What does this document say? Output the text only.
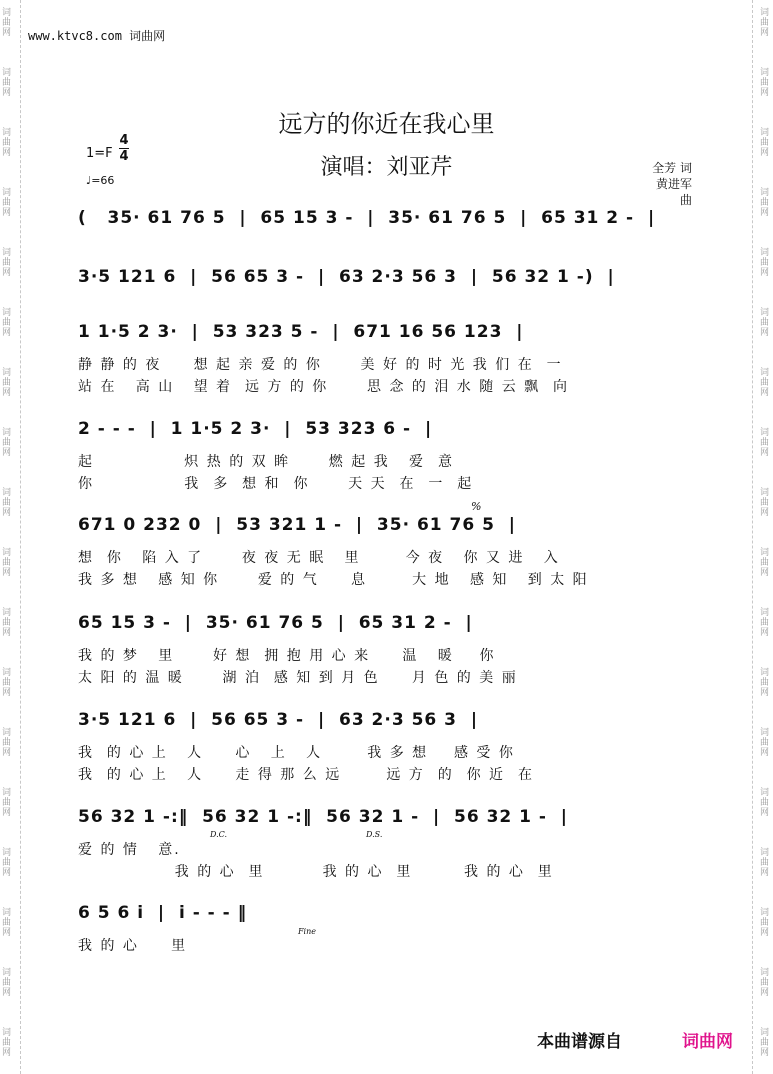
词
曲
网
词
曲
网
词
曲
网
词
曲
网
词
曲
网
词
曲
网
词
曲
网
词
曲
网
词
曲
网
词
曲
网
词
曲
网
词
曲
网
词
曲
网
词
曲
网
词
曲
网
词
曲
网
词
曲
网
词
曲
网
词
曲
网
词
曲
网
词
曲
网
词
曲
网
词
曲
网
词
曲
网
词
曲
网
词
曲
网
词
曲
网
词
曲
网
词
曲
网
词
曲
网
词
曲
网
词
曲
网
词
曲
网
词
曲
网
词
曲
网
词
曲
网
www.ktvc8.com 词曲网
远方的你近在我心里
演唱：刘亚芹
1=F
4
4
♩=66
全芳 词
黄进军 曲
(   35· 61 76 5  |  65 15 3 -  |  35· 61 76 5  |  65 31 2 -  |
3·5 121 6  |  56 65 3 -  |  63 2·3 56 3  |  56 32 1 -)  |
1 1·5 2 3·  |  53 323 5 -  |  671 16 56 123  |
静 静 的 夜     想 起 亲 爱 的 你      美 好 的 时 光 我 们 在  一
站 在   高 山   望 着  远 方 的 你      思 念 的 泪 水 随 云 飘  向
2 - - -  |  1 1·5 2 3·  |  53 323 6 -  |
起              炽 热 的 双 眸      燃 起 我   爱  意
你              我  多  想 和  你      天 天  在  一  起
671 0 232 0  |  53 321 1 -  |  35· 61 76 5  |
想  你   陷 入 了      夜 夜 无 眠   里       今 夜   你 又 进   入
我 多 想   感 知 你      爱 的 气     息       大 地   感 知   到 太 阳
65 15 3 -  |  35· 61 76 5  |  65 31 2 -  |
我 的 梦   里      好 想  拥 抱 用 心 来     温   暖    你
太 阳 的 温 暖      湖 泊  感 知 到 月 色     月 色 的 美 丽
3·5 121 6  |  56 65 3 -  |  63 2·3 56 3  |
我  的 心 上   人     心   上   人       我 多 想    感 受 你
我  的 心 上   人     走 得 那 么 远       远 方  的  你 近  在
56 32 1 -:‖  56 32 1 -:‖  56 32 1 -  |  56 32 1 -  |
爱 的 情   意.
我 的 心  里         我 的 心  里        我 的 心  里
6 5 6 i  |  i - - - ‖
我 的 心     里
D.C.	D.S.
%
Fine
本曲谱源自	词曲网
